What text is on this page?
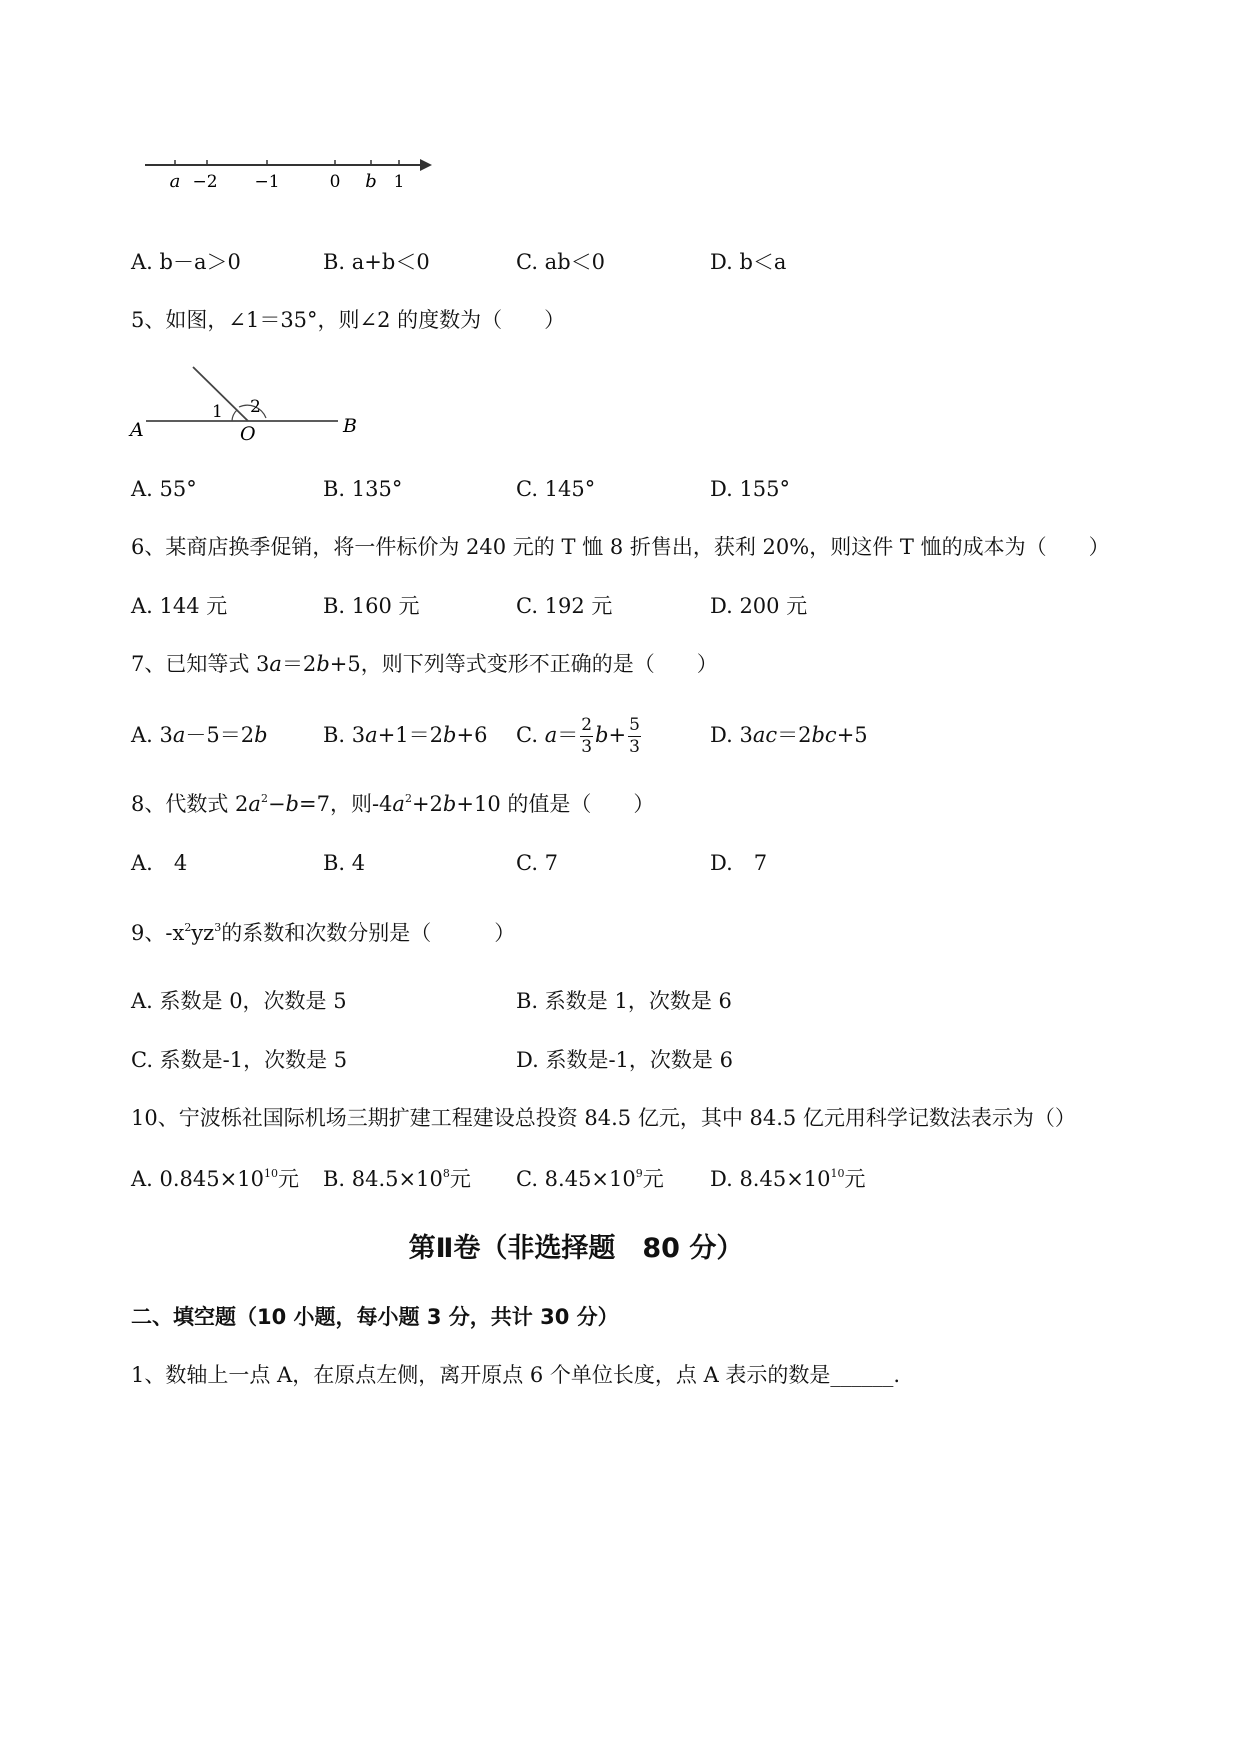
a −2 −1	0 b 1
A. b－a＞0	B. a+b＜0	C. ab＜0	D. b＜a
5、如图，∠1＝35°，则∠2 的度数为（　　）
A	O	B
1 2
A. 55°	B. 135°	C. 145°	D. 155°
6、某商店换季促销，将一件标价为 240 元的 T 恤 8 折售出，获利 20%，则这件 T 恤的成本为（　　）
A. 144 元	B. 160 元	C. 192 元	D. 200 元
7、已知等式 3a＝2b+5，则下列等式变形不正确的是（　　）
A. 3a－5＝2b	B. 3a+1＝2b+6 C. $a= \frac{2}{3} b+ \frac{5}{3}$	D. 3ac＝2bc+5
8、代数式 $2a^2-b=7$，则$-4a^2+2b+10$ 的值是（　　）
A.　4	B. 4	C. 7	D.　7
9、$-x^2yz^3$的系数和次数分别是（　　　）
A. 系数是 0，次数是 5	B. 系数是 1，次数是 6
C. 系数是-1，次数是 5	D. 系数是-1，次数是 6
10、宁波栎社国际机场三期扩建工程建设总投资 84.5 亿元，其中 84.5 亿元用科学记数法表示为（）
A. $0.845\times 10^{10}$元 B. $84.5\times 10^8$元 C. $8.45\times 10^9$元 D. $8.45\times 10^{10}$元
第Ⅱ卷（非选择题　80 分）
二、填空题（10 小题，每小题 3 分，共计 30 分）
1、数轴上一点 A，在原点左侧，离开原点 6 个单位长度，点 A 表示的数是______.
